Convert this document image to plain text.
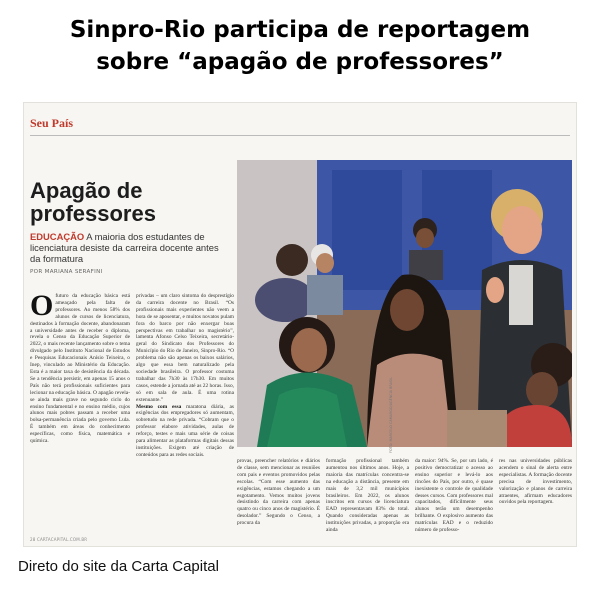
Sinpro-Rio participa de reportagem
sobre “apagão de professores”
Seu País
Apagão de professores
EDUCAÇÃO A maioria dos estudantes de licenciatura desiste da carreira docente antes da formatura
POR MARIANA SERAFINI
O futuro da educação básica está ameaçado pela falta de professores. Ao menos 58% dos alunos de cursos de licenciatura, destinados à formação docente, abandonaram a universidade antes de receber o diploma, revela o Censo da Educação Superior de 2022, o mais recente lançamento sobre o tema divulgado pelo Instituto Nacional de Estudos e Pesquisas Educacionais Anísio Teixeira, o Inep, vinculado ao Ministério da Educação. Esta é a maior taxa de desistência da década. Se a tendência persistir, em apenas 15 anos o País não terá profissionais suficientes para lecionar na educação básica. O apagão revela-se ainda mais grave no segundo ciclo do ensino fundamental e no ensino médio, cujos alunos mais pobres passam a receber uma bolsa-permanência criada pelo governo Lula. É também em áreas do conhecimento específicas, como física, matemática e química.
privadas – um claro sintoma do desprestígio da carreira docente no Brasil. “Os profissionais mais experientes não veem a hora de se aposentar, e muitos novatos pulam fora do barco por não enxergar boas perspectivas em trabalhar no magistério”, lamenta Afonso Celso Teixeira, secretário-geral do Sindicato dos Professores do Município do Rio de Janeiro, Sinpro-Rio. “O problema não são apenas os baixos salários, algo que essa bem naturalizado pela sociedade brasileira. O professor costuma trabalhar das 7h30 às 17h30. Em muitos casos, estende a jornada até as 22 horas. Isso, só em sala de aula. É uma rotina extenuante.”
Mesmo com essa maratona diária, as exigências dos empregadores só aumentam, sobretudo na rede privada. “Cobram que o professor elabore atividades, aulas de reforço, testes e mais uma série de coisas para alimentar as plataformas digitais dessas instituições. Exigem até criação de conteúdos para as redes sociais.
FOTO: MARCELO CAMARGO/AGÊNCIA BRASIL
provas, preencher relatórios e diários de classe, sem mencionar as reuniões com pais e eventos promovidos pelas escolas. “Com esse aumento das exigências, estamos chegando a um esgotamento. Vemos muitos jovens desistindo da carreira com apenas quatro ou cinco anos de magistério. É desolador.” Segundo o Censo, a procura da
formação profissional também aumentou nos últimos anos. Hoje, a maioria das matrículas concentra-se na educação a distância, presente em mais de 3,2 mil municípios brasileiros. Em 2022, os alunos inscritos em cursos de licenciatura EAD representavam 83% do total. Quando consideradas apenas as instituições privadas, a proporção era ainda
da maior: 94%. Se, por um lado, é positivo democratizar o acesso ao ensino superior e levá-lo aos rincões do País, por outro, é quase inexistente o controle de qualidade desses cursos. Com professores mal capacitados, dificilmente seus alunos terão um desempenho brilhante. O explosivo aumento das matrículas EAD e o reduzido número de professo-
res nas universidades públicas acendem o sinal de alerta entre especialistas. A formação docente precisa de investimento, valorização e planos de carreira atraentes, afirmam educadores ouvidos pela reportagem.
28 CARTACAPITAL.COM.BR
Direto do site da Carta Capital
